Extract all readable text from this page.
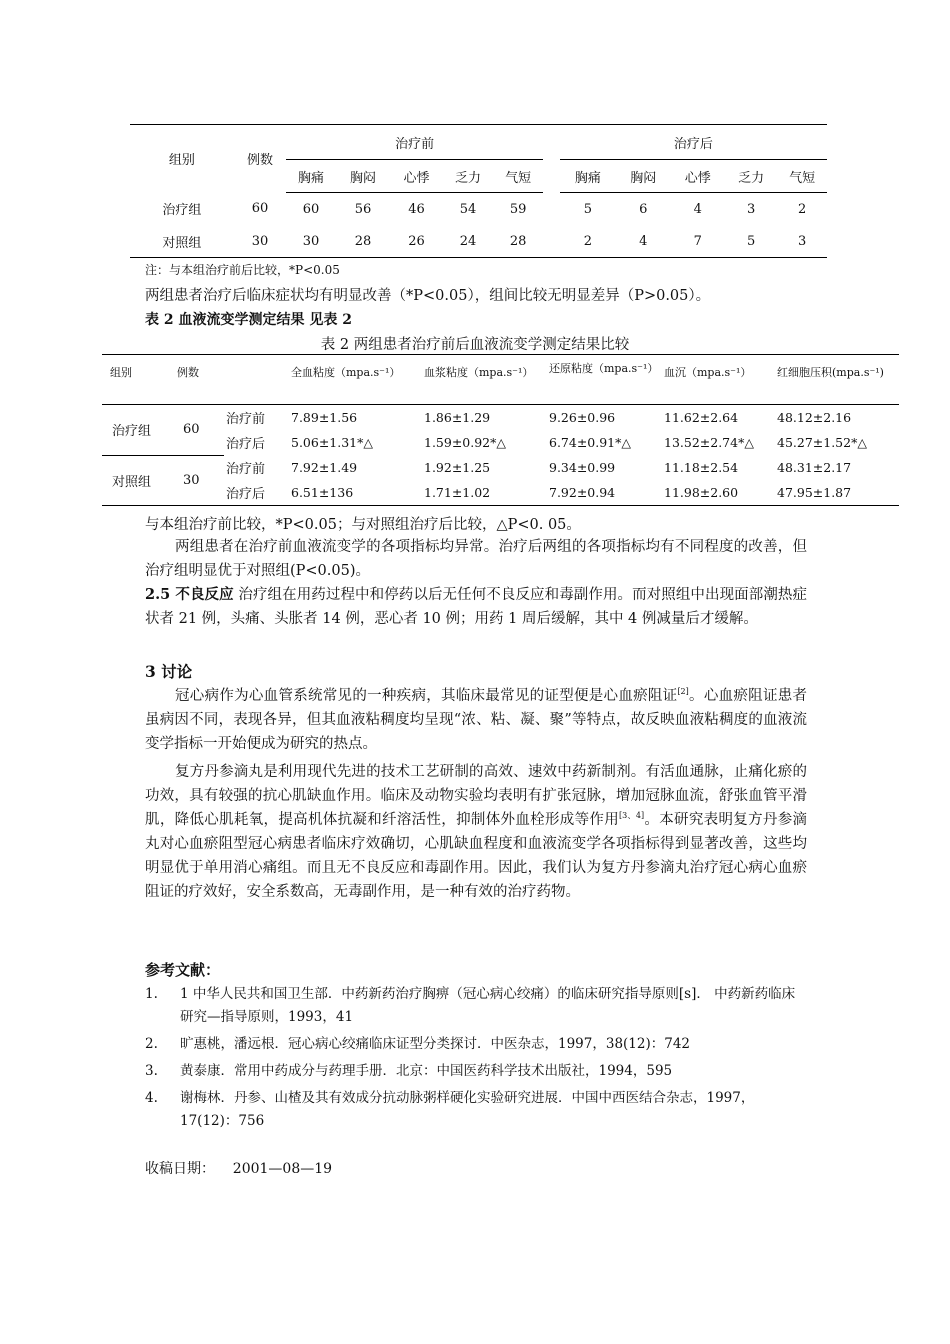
组别	例数	治疗前						治疗后				
		胸痛	胸闷	心悸	乏力	气短		胸痛	胸闷	心悸	乏力	气短
治疗组	60	60	56	46	54	59		5	6	4	3	2
对照组	30	30	28	26	24	28		2	4	7	5	3
注：与本组治疗前后比较，*P<0.05
两组患者治疗后临床症状均有明显改善（*P<0.05），组间比较无明显差异（P>0.05）。
表 2 血液流变学测定结果 见表 2
表 2 两组患者治疗前后血液流变学测定结果比较
组别	例数		全血粘度（mpa.s⁻¹）	血浆粘度（mpa.s⁻¹）	还原粘度（mpa.s⁻¹）	血沉（mpa.s⁻¹）	红细胞压积(mpa.s⁻¹)
治疗组	60	治疗前	7.89±1.56	1.86±1.29	9.26±0.96	11.62±2.64	48.12±2.16
		治疗后	5.06±1.31*△	1.59±0.92*△	6.74±0.91*△	13.52±2.74*△	45.27±1.52*△
对照组	30	治疗前	7.92±1.49	1.92±1.25	9.34±0.99	11.18±2.54	48.31±2.17
		治疗后	6.51±136	1.71±1.02	7.92±0.94	11.98±2.60	47.95±1.87
与本组治疗前比较，*P<0.05；与对照组治疗后比较，△P<0. 05。
两组患者在治疗前血液流变学的各项指标均异常。治疗后两组的各项指标均有不同程度的改善，但治疗组明显优于对照组(P<0.05)。
2.5 不良反应 治疗组在用药过程中和停药以后无任何不良反应和毒副作用。而对照组中出现面部潮热症状者 21 例，头痛、头胀者 14 例，恶心者 10 例；用药 1 周后缓解，其中 4 例减量后才缓解。
3 讨论
冠心病作为心血管系统常见的一种疾病，其临床最常见的证型便是心血瘀阻证[2]。心血瘀阻证患者虽病因不同，表现各异，但其血液粘稠度均呈现“浓、粘、凝、聚”等特点，故反映血液粘稠度的血液流变学指标一开始便成为研究的热点。
复方丹参滴丸是利用现代先进的技术工艺研制的高效、速效中药新制剂。有活血通脉，止痛化瘀的功效，具有较强的抗心肌缺血作用。临床及动物实验均表明有扩张冠脉，增加冠脉血流，舒张血管平滑肌，降低心肌耗氧，提高机体抗凝和纤溶活性，抑制体外血栓形成等作用[3、4]。本研究表明复方丹参滴丸对心血瘀阻型冠心病患者临床疗效确切，心肌缺血程度和血液流变学各项指标得到显著改善，这些均明显优于单用消心痛组。而且无不良反应和毒副作用。因此，我们认为复方丹参滴丸治疗冠心病心血瘀阻证的疗效好，安全系数高，无毒副作用，是一种有效的治疗药物。
参考文献：
1. 1 中华人民共和国卫生部．中药新药治疗胸痹（冠心病心绞痛）的临床研究指导原则[s]． 中药新药临床研究—指导原则，1993，41
2. 旷惠桃，潘远根．冠心病心绞痛临床证型分类探讨．中医杂志，1997，38(12)：742
3. 黄泰康．常用中药成分与药理手册．北京：中国医药科学技术出版社，1994，595
4. 谢梅林．丹参、山楂及其有效成分抗动脉粥样硬化实验研究进展．中国中西医结合杂志，1997，17(12)：756
收稿日期：    2001—08—19
